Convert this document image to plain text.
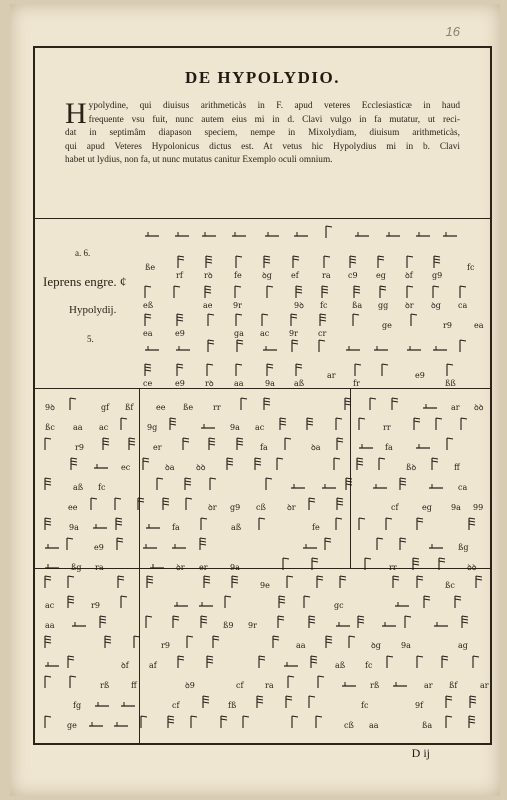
16
DE HYPOLYDIO.
H ypolydine, qui diuisus arithmeticàs in F. apud veteres Ecclesiasticæ in haud
frequente vsu fuit, nunc autem eius mi in d. Clavi vulgo in fa mutatur, ut reci-
dat in septimâm diapason speciem, nempe in Mixolydiam, diuisum arithmeticàs,
qui apud Veteres Hypolonicus dictus est. At vetus hic Hypolydius mi in b. Clavi
habet ut lydius, non fa, ut nunc mutatus canitur Exemplo oculi omnium.
a. 6.
Ieprens engre. ¢
Hypolydij.
5.
ße
rf	rꝺ	fe	ꝺg ef	ra c9 eg ꝺf g9
fc
eß	ae	9r	9ꝺ fc	ßa gg ꝺr ꝺg ca
ea	e9	ga ac 9r	cr
ge	r9	ea
ce	e9	rꝺ	aa	9a aß
ar
fr
e9
ßß
9ꝺ	gf ßf	ee ße rr	ar ꝺꝺ
ßc aa ac	9g	9a ac	rr
r9	er	fa	ꝺa	fa
ec	ꝺa	ꝺꝺ	ßꝺ	ff
aß fc	ca
ee	ꝺr g9 cß	ꝺr	cf	eg 9a 99
9a	fa	aß	fe
e9	ßg
ßg ra	ꝺr er	9a	rr	ꝺꝺ
9e	ßc
ac	r9	gc
aa	ß9 9r
r9	aa	ꝺg	9a	ag
ꝺf	af	aß fc
rß	ff	ꝺ9	cf	ra	rß	ar ßf	ar
fg	cf	fß	fc	9f
ge	cß aa	ßa
D ij
